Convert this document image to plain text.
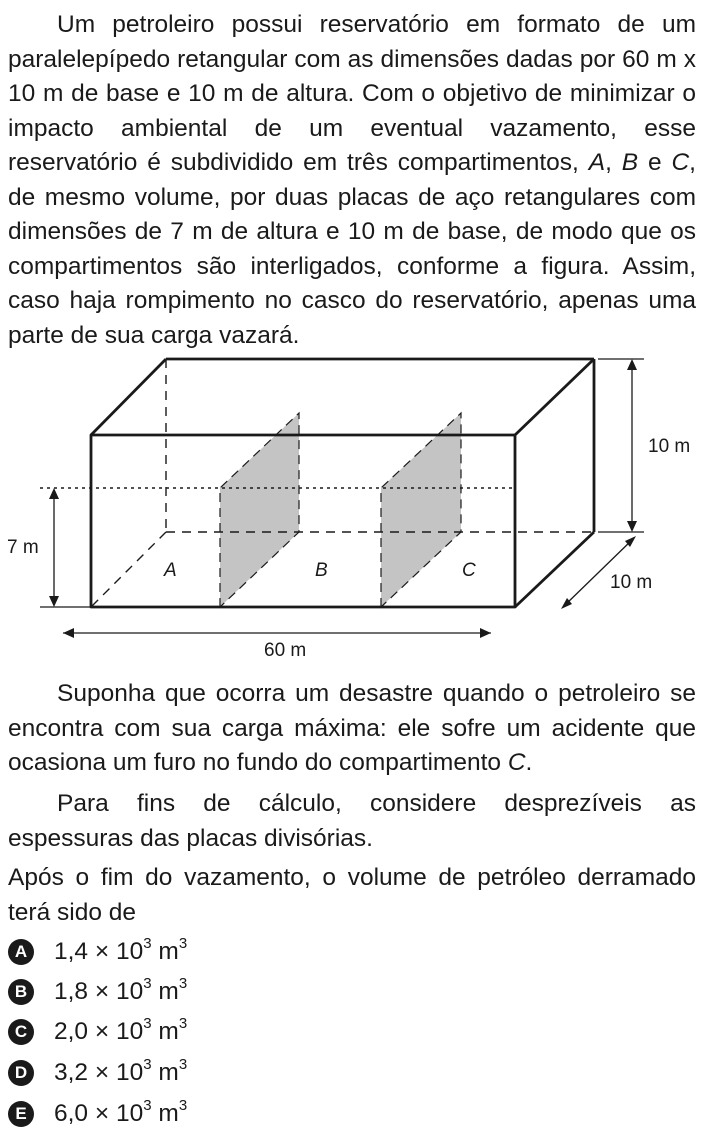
Um petroleiro possui reservatório em formato de um paralelepípedo retangular com as dimensões dadas por 60 m x 10 m de base e 10 m de altura. Com o objetivo de minimizar o impacto ambiental de um eventual vazamento, esse reservatório é subdividido em três compartimentos, A, B e C, de mesmo volume, por duas placas de aço retangulares com dimensões de 7 m de altura e 10 m de base, de modo que os compartimentos são interligados, conforme a figura. Assim, caso haja rompimento no casco do reservatório, apenas uma parte de sua carga vazará.

10 m
7 m
10 m
60 m
A	B	C

Suponha que ocorra um desastre quando o petroleiro se encontra com sua carga máxima: ele sofre um acidente que ocasiona um furo no fundo do compartimento C.

Para fins de cálculo, considere desprezíveis as espessuras das placas divisórias.

Após o fim do vazamento, o volume de petróleo derramado terá sido de

A $1,4 \times 10^3$ $m^3$
B $1,8 \times 10^3$ $m^3$
C $2,0 \times 10^3$ $m^3$
D $3,2 \times 10^3$ $m^3$
E $6,0 \times 10^3$ $m^3$
